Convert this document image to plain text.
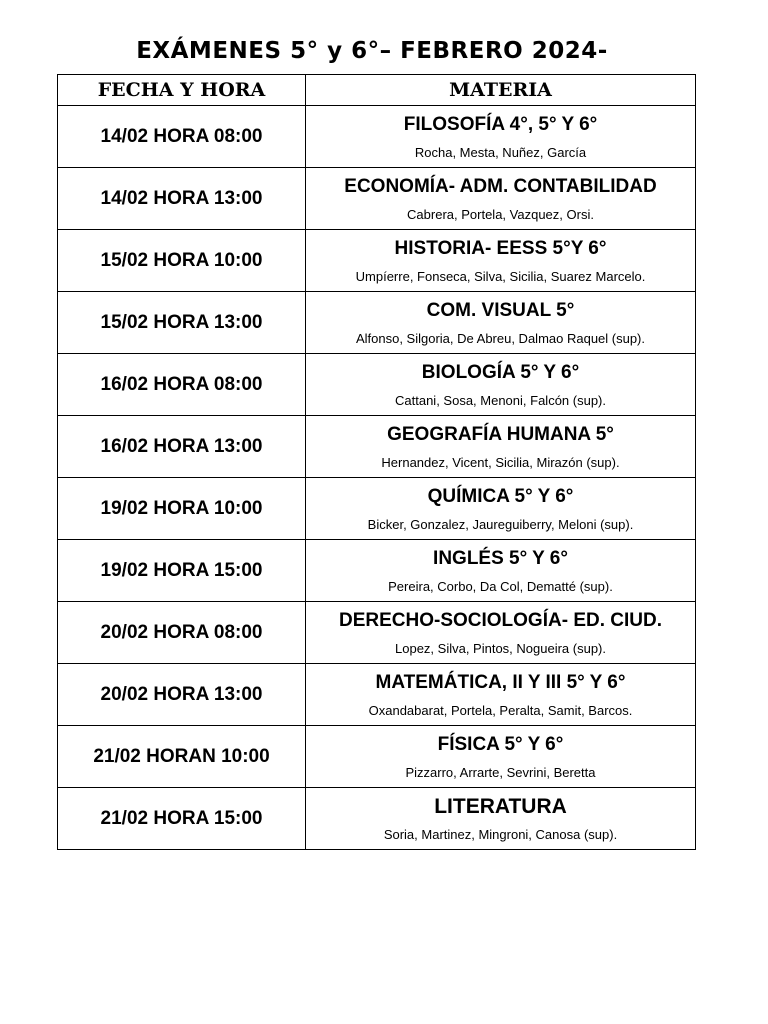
EXÁMENES 5° y 6°– FEBRERO 2024-
FECHA Y HORA	MATERIA
14/02 HORA 08:00	FILOSOFÍA 4°, 5° Y 6°
Rocha, Mesta, Nuñez, García

14/02 HORA 13:00	ECONOMÍA- ADM. CONTABILIDAD
Cabrera, Portela, Vazquez, Orsi.

15/02 HORA 10:00	HISTORIA- EESS 5°Y 6°
Umpíerre, Fonseca, Silva, Sicilia, Suarez Marcelo.

15/02 HORA 13:00	COM. VISUAL 5°
Alfonso, Silgoria, De Abreu, Dalmao Raquel (sup).

16/02 HORA 08:00	BIOLOGÍA 5° Y 6°
Cattani, Sosa, Menoni, Falcón (sup).

16/02 HORA 13:00	GEOGRAFÍA HUMANA 5°
Hernandez, Vicent, Sicilia, Mirazón (sup).

19/02 HORA 10:00	QUÍMICA 5° Y 6°
Bicker, Gonzalez, Jaureguiberry, Meloni (sup).

19/02 HORA 15:00	INGLÉS 5° Y 6°
Pereira, Corbo, Da Col, Dematté (sup).

20/02 HORA 08:00	DERECHO-SOCIOLOGÍA- ED. CIUD.
Lopez, Silva, Pintos, Nogueira (sup).

20/02 HORA 13:00	MATEMÁTICA, II Y III 5° Y 6°
Oxandabarat, Portela, Peralta, Samit, Barcos.

21/02 HORAN 10:00	FÍSICA 5° Y 6°
Pizzarro, Arrarte, Sevrini, Beretta

21/02 HORA 15:00	LITERATURA
Soria, Martinez, Mingroni, Canosa (sup).
